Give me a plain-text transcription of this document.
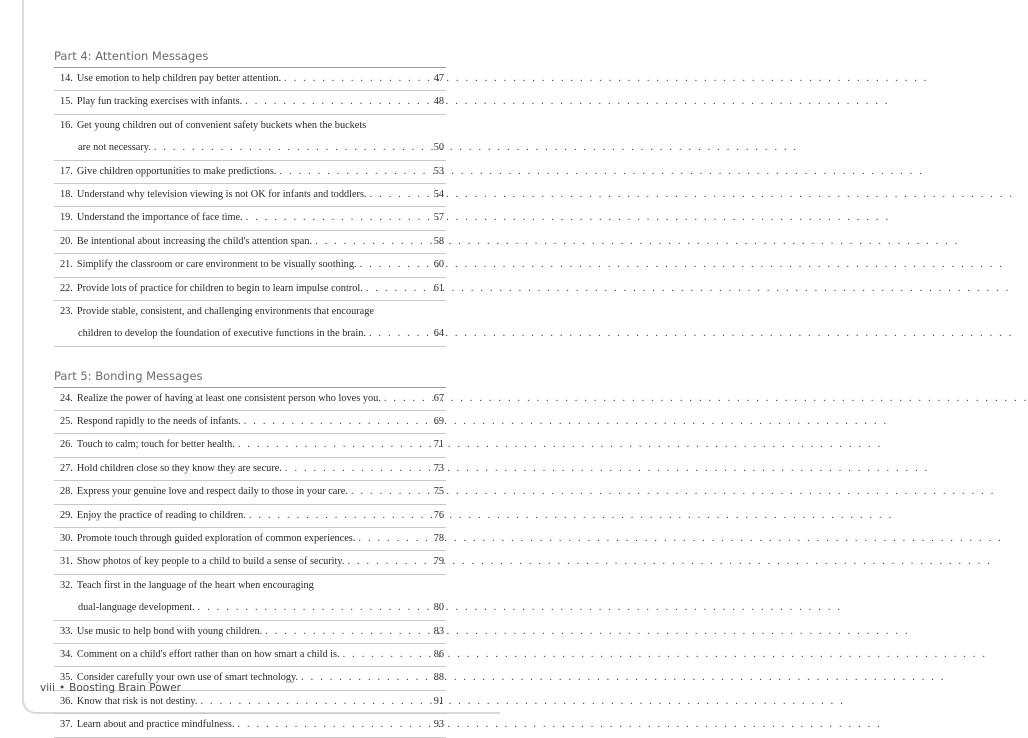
Part 4: Attention Messages
14. Use emotion to help children pay better attention. . . .	47
15. Play fun tracking exercises with infants. . . .	48
16. Get young children out of convenient safety buckets when the buckets
are not necessary. . . .	50
17. Give children opportunities to make predictions. . . .	53
18. Understand why television viewing is not OK for infants and toddlers. . . .	54
19. Understand the importance of face time. . . .	57
20. Be intentional about increasing the child's attention span. . . .	58
21. Simplify the classroom or care environment to be visually soothing. . . .	60
22. Provide lots of practice for children to begin to learn impulse control. . . .	61
23. Provide stable, consistent, and challenging environments that encourage
children to develop the foundation of executive functions in the brain. . . .	64
Part 5: Bonding Messages
24. Realize the power of having at least one consistent person who loves you. . . .	67
25. Respond rapidly to the needs of infants. . . .	69
26. Touch to calm; touch for better health. . . .	71
27. Hold children close so they know they are secure. . . .	73
28. Express your genuine love and respect daily to those in your care. . . .	75
29. Enjoy the practice of reading to children. . . .	76
30. Promote touch through guided exploration of common experiences. . . .	78
31. Show photos of key people to a child to build a sense of security. . . .	79
32. Teach first in the language of the heart when encouraging
dual-language development. . . .	80
33. Use music to help bond with young children. . . .	83
34. Comment on a child's effort rather than on how smart a child is. . . .	86
35. Consider carefully your own use of smart technology. . . .	88
36. Know that risk is not destiny. . . .	91
37. Learn about and practice mindfulness. . . .	93
viii • Boosting Brain Power
